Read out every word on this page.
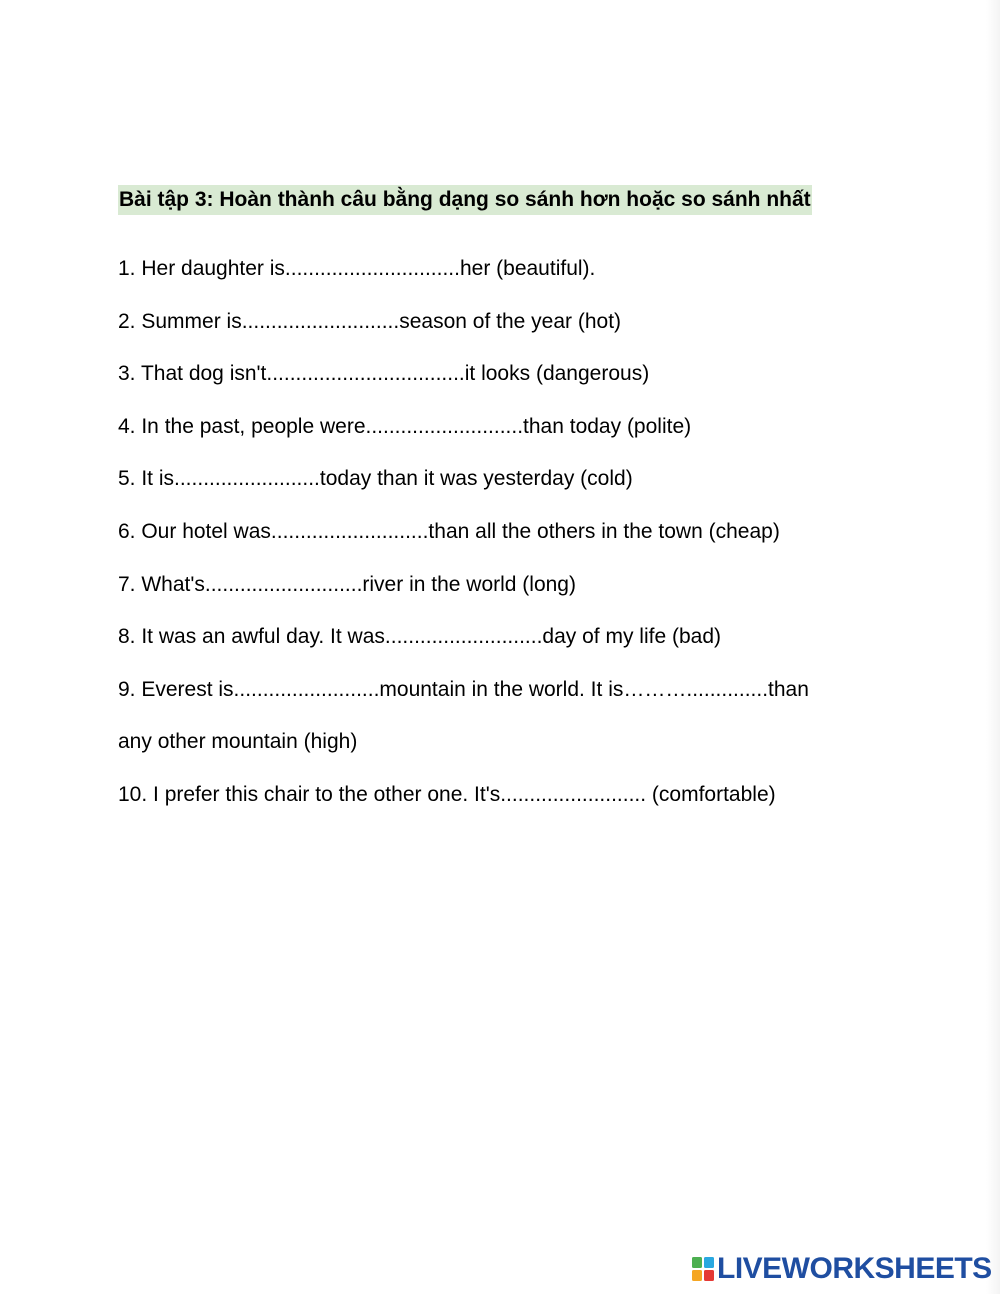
Bài tập 3: Hoàn thành câu bằng dạng so sánh hơn hoặc so sánh nhất
1. Her daughter is..............................her (beautiful).
2. Summer is...........................season of the year (hot)
3. That dog isn't..................................it looks (dangerous)
4. In the past, people were...........................than today (polite)
5. It is.........................today than it was yesterday (cold)
6. Our hotel was...........................than all the others in the town (cheap)
7. What's...........................river in the world (long)
8. It was an awful day. It was...........................day of my life (bad)
9. Everest is.........................mountain in the world. It is………..............than
any other mountain (high)
10. I prefer this chair to the other one. It's......................... (comfortable)
LIVEWORKSHEETS
